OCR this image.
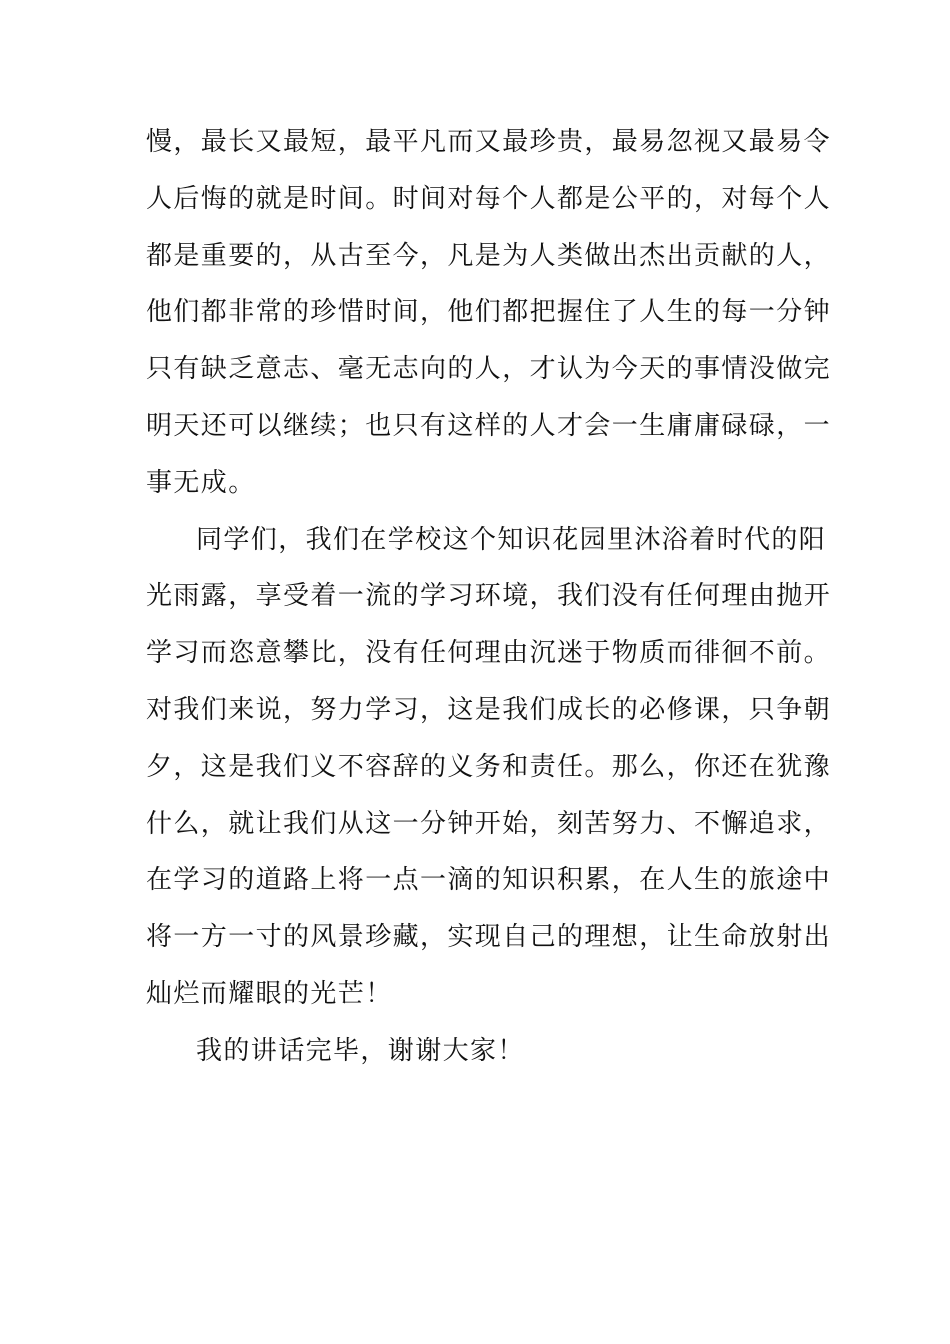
慢，最长又最短，最平凡而又最珍贵，最易忽视又最易令
人后悔的就是时间。时间对每个人都是公平的，对每个人
都是重要的，从古至今，凡是为人类做出杰出贡献的人，
他们都非常的珍惜时间，他们都把握住了人生的每一分钟
只有缺乏意志、毫无志向的人，才认为今天的事情没做完
明天还可以继续；也只有这样的人才会一生庸庸碌碌，一
事无成。
同学们，我们在学校这个知识花园里沐浴着时代的阳
光雨露，享受着一流的学习环境，我们没有任何理由抛开
学习而恣意攀比，没有任何理由沉迷于物质而徘徊不前。
对我们来说，努力学习，这是我们成长的必修课，只争朝
夕，这是我们义不容辞的义务和责任。那么，你还在犹豫
什么，就让我们从这一分钟开始，刻苦努力、不懈追求，
在学习的道路上将一点一滴的知识积累，在人生的旅途中
将一方一寸的风景珍藏，实现自己的理想，让生命放射出
灿烂而耀眼的光芒！
我的讲话完毕，谢谢大家！
